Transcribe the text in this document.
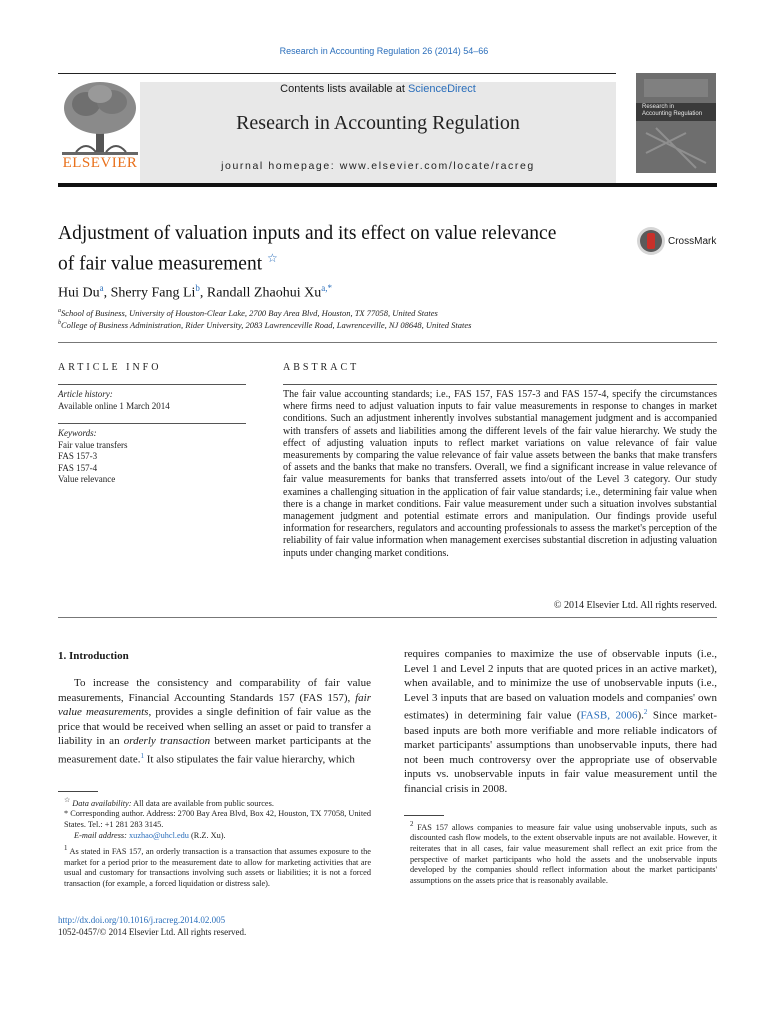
Research in Accounting Regulation 26 (2014) 54–66
Contents lists available at ScienceDirect
Research in Accounting Regulation
journal homepage: www.elsevier.com/locate/racreg
ELSEVIER
Research in
Accounting Regulation
Adjustment of valuation inputs and its effect on value relevance
of fair value measurement ☆
CrossMark
Hui Du$^a$, Sherry Fang Li$^b$, Randall Zhaohui $Xu^{a,*}$
$^a$School of Business, University of Houston-Clear Lake, 2700 Bay Area Blvd, Houston, TX 77058, United States
$^b$College of Business Administration, Rider University, 2083 Lawrenceville Road, Lawrenceville, NJ 08648, United States
ARTICLE INFO
Article history:
Available online 1 March 2014
Keywords:
Fair value transfers
FAS 157-3
FAS 157-4
Value relevance
ABSTRACT
The fair value accounting standards; i.e., FAS 157, FAS 157-3 and FAS 157-4, specify the circumstances where firms need to adjust valuation inputs to fair value measurements in response to changes in market conditions. Such an adjustment inherently involves substantial management judgment and is accompanied with transfers of assets and liabilities among the different levels of the fair value hierarchy. We study the effect of adjusting valuation inputs to reflect market variations on value relevance of fair value measurements by comparing the value relevance of fair value assets between the banks that make transfers of assets and the banks that make no transfers. Overall, we find a significant increase in value relevance of fair value measurements for banks that transferred assets into/out of the Level 3 category. Our study examines a challenging situation in the application of fair value standards; i.e., determining fair value when there is a change in market conditions. Fair value measurement under such a situation involves substantial management judgment and potential estimate errors and manipulation. Our findings provide useful information for researchers, regulators and accounting professionals to assess the market's perception of the reliability of fair value information when management exercises substantial discretion in adjusting valuation inputs under changing market conditions.
© 2014 Elsevier Ltd. All rights reserved.
1. Introduction
To increase the consistency and comparability of fair value measurements, Financial Accounting Standards 157 (FAS 157), fair value measurements, provides a single definition of fair value as the price that would be received when selling an asset or paid to transfer a liability in an orderly transaction between market participants at the measurement date.$^1$ It also stipulates the fair value hierarchy, which
requires companies to maximize the use of observable inputs (i.e., Level 1 and Level 2 inputs that are quoted prices in an active market), when available, and to minimize the use of unobservable inputs (i.e., Level 3 inputs that are based on valuation models and companies' own estimates) in determining fair value (FASB, 2006).$^2$ Since market-based inputs are both more verifiable and more reliable indicators of market participants' assumptions than unobservable inputs, there had not been much controversy over the appropriate use of observable inputs vs. unobservable inputs in fair value measurement until the financial crisis in 2008.
☆ Data availability: All data are available from public sources.
* Corresponding author. Address: 2700 Bay Area Blvd, Box 42, Houston, TX 77058, United States. Tel.: +1 281 283 3145.
E-mail address: xuzhao@uhcl.edu (R.Z. Xu).
$^1$ As stated in FAS 157, an orderly transaction is a transaction that assumes exposure to the market for a period prior to the measurement date to allow for marketing activities that are usual and customary for transactions involving such assets or liabilities; it is not a forced transaction (for example, a forced liquidation or distress sale).
$^2$ FAS 157 allows companies to measure fair value using unobservable inputs, such as discounted cash flow models, to the extent observable inputs are not available. However, it reiterates that in all cases, fair value measurement shall reflect an exit price from the perspective of market participants who hold the assets and the unobservable inputs developed by the companies should reflect information about the market participants' assumptions on the assets price that is reasonably available.
http://dx.doi.org/10.1016/j.racreg.2014.02.005
1052-0457/© 2014 Elsevier Ltd. All rights reserved.
